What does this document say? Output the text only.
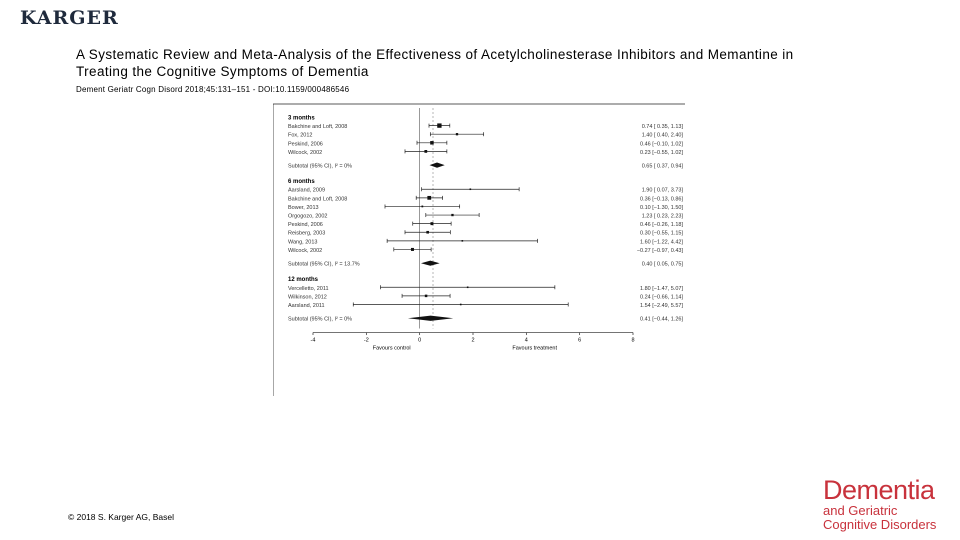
KARGER
A Systematic Review and Meta-Analysis of the Effectiveness of Acetylcholinesterase Inhibitors and Memantine in
Treating the Cognitive Symptoms of Dementia
Dement Geriatr Cogn Disord 2018;45:131–151 - DOI:10.1159/000486546
3 months
Bakchine and Loft, 2008	0.74 [ 0.35, 1.13]
Fox, 2012	1.40 [ 0.40, 2.40]
Peskind, 2006	0.46 [−0.10, 1.02]
Wilcock, 2002	0.23 [−0.55, 1.02]
Subtotal (95% CI), I² = 0%	0.65 [ 0.37, 0.94]
6 months
Aarsland, 2009	1.90 [ 0.07, 3.73]
Bakchine and Loft, 2008	0.36 [−0.13, 0.86]
Bower, 2013	0.10 [−1.30, 1.50]
Orgogozo, 2002	1.23 [ 0.23, 2.23]
Peskind, 2006	0.46 [−0.26, 1.18]
Reisberg, 2003	0.30 [−0.55, 1.15]
Wang, 2013	1.60 [−1.22, 4.42]
Wilcock, 2002	−0.27 [−0.97, 0.43]
Subtotal (95% CI), I² = 13.7%	0.40 [ 0.05, 0.75]
12 months
Vercelletto, 2011	1.80 [−1.47, 5.07]
Wilkinson, 2012	0.24 [−0.66, 1.14]
Aarsland, 2011	1.54 [−2.49, 5.57]
Subtotal (95% CI), I² = 0%	0.41 [−0.44, 1.26]
-4	-2	0	2	4	6	8
Favours control	Favours treatment
© 2018 S. Karger AG, Basel
Dementia
and Geriatric
Cognitive Disorders
